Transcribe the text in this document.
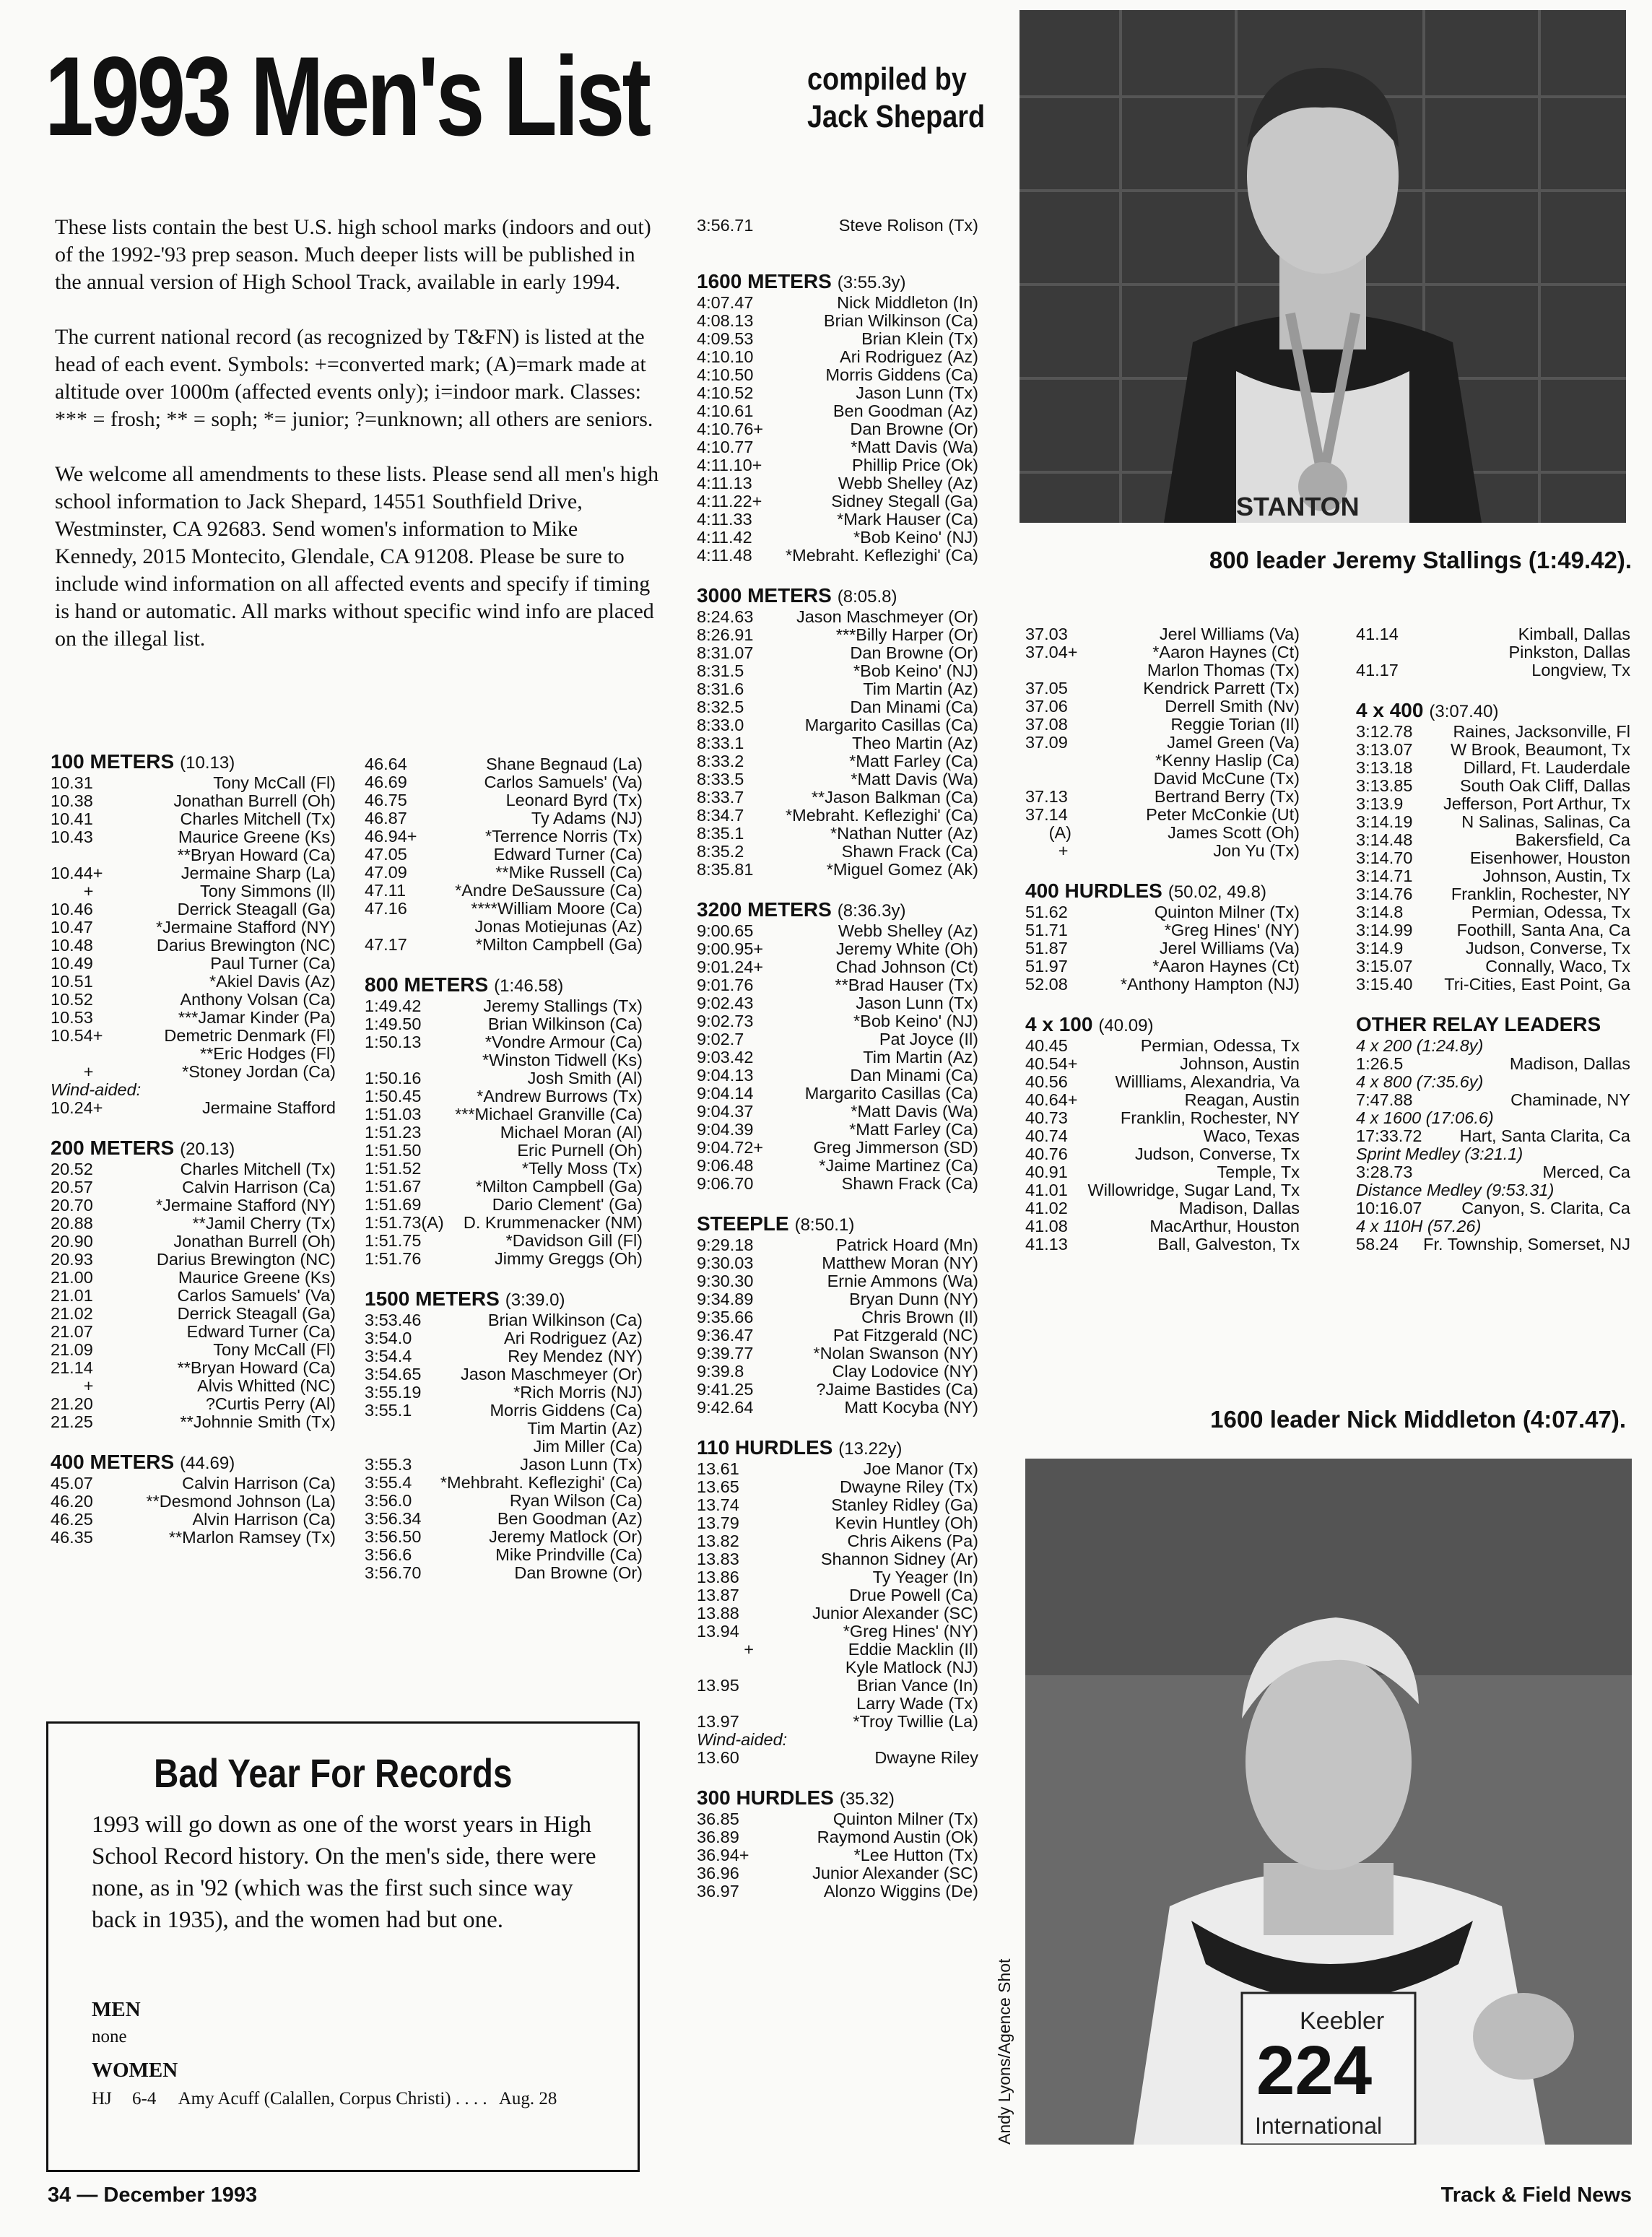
1993 Men's List	compiled by
Jack Shepard

These lists contain the best U.S. high school marks (indoors and out) of the 1992-'93 prep season. Much deeper lists will be published in the annual version of High School Track, available in early 1994.

The current national record (as recognized by T&FN) is listed at the head of each event. Symbols: +=converted mark; (A)=mark made at altitude over 1000m (affected events only); i=indoor mark. Classes: *** = frosh; ** = soph; *= junior; ?=unknown; all others are seniors.

We welcome all amendments to these lists. Please send all men's high school information to Jack Shepard, 14551 Southfield Drive, Westminster, CA 92683. Send women's information to Mike Kennedy, 2015 Montecito, Glendale, CA 91208. Please be sure to include wind information on all affected events and specify if timing is hand or automatic. All marks without specific wind info are placed on the illegal list.

100 METERS (10.13)
10.31	Tony McCall (Fl)
10.38	Jonathan Burrell (Oh)
10.41	Charles Mitchell (Tx)
10.43	Maurice Greene (Ks)
**Bryan Howard (Ca)
10.44+	Jermaine Sharp (La)
+	Tony Simmons (Il)
10.46	Derrick Steagall (Ga)
10.47	*Jermaine Stafford (NY)
10.48	Darius Brewington (NC)
10.49	Paul Turner (Ca)
10.51	*Akiel Davis (Az)
10.52	Anthony Volsan (Ca)
10.53	***Jamar Kinder (Pa)
10.54+	Demetric Denmark (Fl)
**Eric Hodges (Fl)
+	*Stoney Jordan (Ca)
Wind-aided:
10.24+	Jermaine Stafford
200 METERS (20.13)
20.52	Charles Mitchell (Tx)
20.57	Calvin Harrison (Ca)
20.70	*Jermaine Stafford (NY)
20.88	**Jamil Cherry (Tx)
20.90	Jonathan Burrell (Oh)
20.93	Darius Brewington (NC)
21.00	Maurice Greene (Ks)
21.01	Carlos Samuels' (Va)
21.02	Derrick Steagall (Ga)
21.07	Edward Turner (Ca)
21.09	Tony McCall (Fl)
21.14	**Bryan Howard (Ca)
+	Alvis Whitted (NC)
21.20	?Curtis Perry (Al)
21.25	**Johnnie Smith (Tx)
400 METERS (44.69)
45.07	Calvin Harrison (Ca)
46.20	**Desmond Johnson (La)
46.25	Alvin Harrison (Ca)
46.35	**Marlon Ramsey (Tx)
46.64	Shane Begnaud (La)
46.69	Carlos Samuels' (Va)
46.75	Leonard Byrd (Tx)
46.87	Ty Adams (NJ)
46.94+	*Terrence Norris (Tx)
47.05	Edward Turner (Ca)
47.09	**Mike Russell (Ca)
47.11	*Andre DeSaussure (Ca)
47.16	****William Moore (Ca)
Jonas Motiejunas (Az)
47.17	*Milton Campbell (Ga)
800 METERS (1:46.58)
1:49.42	Jeremy Stallings (Tx)
1:49.50	Brian Wilkinson (Ca)
1:50.13	*Vondre Armour (Ca)
*Winston Tidwell (Ks)
1:50.16	Josh Smith (Al)
1:50.45	*Andrew Burrows (Tx)
1:51.03	***Michael Granville (Ca)
1:51.23	Michael Moran (Al)
1:51.50	Eric Purnell (Oh)
1:51.52	*Telly Moss (Tx)
1:51.67	*Milton Campbell (Ga)
1:51.69	Dario Clement' (Ga)
1:51.73(A)	D. Krummenacker (NM)
1:51.75	*Davidson Gill (Fl)
1:51.76	Jimmy Greggs (Oh)
1500 METERS (3:39.0)
3:53.46	Brian Wilkinson (Ca)
3:54.0	Ari Rodriguez (Az)
3:54.4	Rey Mendez (NY)
3:54.65	Jason Maschmeyer (Or)
3:55.19	*Rich Morris (NJ)
3:55.1	Morris Giddens (Ca)
Tim Martin (Az)
Jim Miller (Ca)
3:55.3	Jason Lunn (Tx)
3:55.4	*Mehbraht. Keflezighi' (Ca)
3:56.0	Ryan Wilson (Ca)
3:56.34	Ben Goodman (Az)
3:56.50	Jeremy Matlock (Or)
3:56.6	Mike Prindville (Ca)
3:56.70	Dan Browne (Or)
3:56.71	Steve Rolison (Tx)
1600 METERS (3:55.3y)
4:07.47	Nick Middleton (In)
4:08.13	Brian Wilkinson (Ca)
4:09.53	Brian Klein (Tx)
4:10.10	Ari Rodriguez (Az)
4:10.50	Morris Giddens (Ca)
4:10.52	Jason Lunn (Tx)
4:10.61	Ben Goodman (Az)
4:10.76+	Dan Browne (Or)
4:10.77	*Matt Davis (Wa)
4:11.10+	Phillip Price (Ok)
4:11.13	Webb Shelley (Az)
4:11.22+	Sidney Stegall (Ga)
4:11.33	*Mark Hauser (Ca)
4:11.42	*Bob Keino' (NJ)
4:11.48	*Mebraht. Keflezighi' (Ca)
3000 METERS (8:05.8)
8:24.63	Jason Maschmeyer (Or)
8:26.91	***Billy Harper (Or)
8:31.07	Dan Browne (Or)
8:31.5	*Bob Keino' (NJ)
8:31.6	Tim Martin (Az)
8:32.5	Dan Minami (Ca)
8:33.0	Margarito Casillas (Ca)
8:33.1	Theo Martin (Az)
8:33.2	*Matt Farley (Ca)
8:33.5	*Matt Davis (Wa)
8:33.7	**Jason Balkman (Ca)
8:34.7	*Mebraht. Keflezighi' (Ca)
8:35.1	*Nathan Nutter (Az)
8:35.2	Shawn Frack (Ca)
8:35.81	*Miguel Gomez (Ak)
3200 METERS (8:36.3y)
9:00.65	Webb Shelley (Az)
9:00.95+	Jeremy White (Oh)
9:01.24+	Chad Johnson (Ct)
9:01.76	**Brad Hauser (Tx)
9:02.43	Jason Lunn (Tx)
9:02.73	*Bob Keino' (NJ)
9:02.7	Pat Joyce (Il)
9:03.42	Tim Martin (Az)
9:04.13	Dan Minami (Ca)
9:04.14	Margarito Casillas (Ca)
9:04.37	*Matt Davis (Wa)
9:04.39	*Matt Farley (Ca)
9:04.72+	Greg Jimmerson (SD)
9:06.48	*Jaime Martinez (Ca)
9:06.70	Shawn Frack (Ca)
STEEPLE (8:50.1)
9:29.18	Patrick Hoard (Mn)
9:30.03	Matthew Moran (NY)
9:30.30	Ernie Ammons (Wa)
9:34.89	Bryan Dunn (NY)
9:35.66	Chris Brown (Il)
9:36.47	Pat Fitzgerald (NC)
9:39.77	*Nolan Swanson (NY)
9:39.8	Clay Lodovice (NY)
9:41.25	?Jaime Bastides (Ca)
9:42.64	Matt Kocyba (NY)
110 HURDLES (13.22y)
13.61	Joe Manor (Tx)
13.65	Dwayne Riley (Tx)
13.74	Stanley Ridley (Ga)
13.79	Kevin Huntley (Oh)
13.82	Chris Aikens (Pa)
13.83	Shannon Sidney (Ar)
13.86	Ty Yeager (In)
13.87	Drue Powell (Ca)
13.88	Junior Alexander (SC)
13.94	*Greg Hines' (NY)
+	Eddie Macklin (Il)
Kyle Matlock (NJ)
13.95	Brian Vance (In)
Larry Wade (Tx)
13.97	*Troy Twillie (La)
Wind-aided:
13.60	Dwayne Riley
300 HURDLES (35.32)
36.85	Quinton Milner (Tx)
36.89	Raymond Austin (Ok)
36.94+	*Lee Hutton (Tx)
36.96	Junior Alexander (SC)
36.97	Alonzo Wiggins (De)
37.03	Jerel Williams (Va)
37.04+	*Aaron Haynes (Ct)
Marlon Thomas (Tx)
37.05	Kendrick Parrett (Tx)
37.06	Derrell Smith (Nv)
37.08	Reggie Torian (Il)
37.09	Jamel Green (Va)
*Kenny Haslip (Ca)
David McCune (Tx)
37.13	Bertrand Berry (Tx)
37.14	Peter McConkie (Ut)
(A)	James Scott (Oh)
+	Jon Yu (Tx)
400 HURDLES (50.02, 49.8)
51.62	Quinton Milner (Tx)
51.71	*Greg Hines' (NY)
51.87	Jerel Williams (Va)
51.97	*Aaron Haynes (Ct)
52.08	*Anthony Hampton (NJ)
4 x 100 (40.09)
40.45	Permian, Odessa, Tx
40.54+	Johnson, Austin
40.56	Willliams, Alexandria, Va
40.64+	Reagan, Austin
40.73	Franklin, Rochester, NY
40.74	Waco, Texas
40.76	Judson, Converse, Tx
40.91	Temple, Tx
41.01	Willowridge, Sugar Land, Tx
41.02	Madison, Dallas
41.08	MacArthur, Houston
41.13	Ball, Galveston, Tx
41.14	Kimball, Dallas
Pinkston, Dallas
41.17	Longview, Tx
4 x 400 (3:07.40)
3:12.78	Raines, Jacksonville, Fl
3:13.07	W Brook, Beaumont, Tx
3:13.18	Dillard, Ft. Lauderdale
3:13.85	South Oak Cliff, Dallas
3:13.9	Jefferson, Port Arthur, Tx
3:14.19	N Salinas, Salinas, Ca
3:14.48	Bakersfield, Ca
3:14.70	Eisenhower, Houston
3:14.71	Johnson, Austin, Tx
3:14.76	Franklin, Rochester, NY
3:14.8	Permian, Odessa, Tx
3:14.99	Foothill, Santa Ana, Ca
3:14.9	Judson, Converse, Tx
3:15.07	Connally, Waco, Tx
3:15.40	Tri-Cities, East Point, Ga
OTHER RELAY LEADERS
4 x 200 (1:24.8y)
1:26.5	Madison, Dallas
4 x 800 (7:35.6y)
7:47.88	Chaminade, NY
4 x 1600 (17:06.6)
17:33.72	Hart, Santa Clarita, Ca
Sprint Medley (3:21.1)
3:28.73	Merced, Ca
Distance Medley (9:53.31)
10:16.07	Canyon, S. Clarita, Ca
4 x 110H (57.26)
58.24	Fr. Township, Somerset, NJ
STANTON
800 leader Jeremy Stallings (1:49.42).
Keebler
224
International
1600 leader Nick Middleton (4:07.47).
Andy Lyons/Agence Shot
Bad Year For Records
1993 will go down as one of the worst years in High School Record history. On the men's side, there were none, as in '92 (which was the first such since way back in 1935), and the women had but one.
MEN
none
WOMEN
HJ 6-4 Amy Acuff (Calallen, Corpus Christi) . . . . Aug. 28
34 — December 1993	Track & Field News
